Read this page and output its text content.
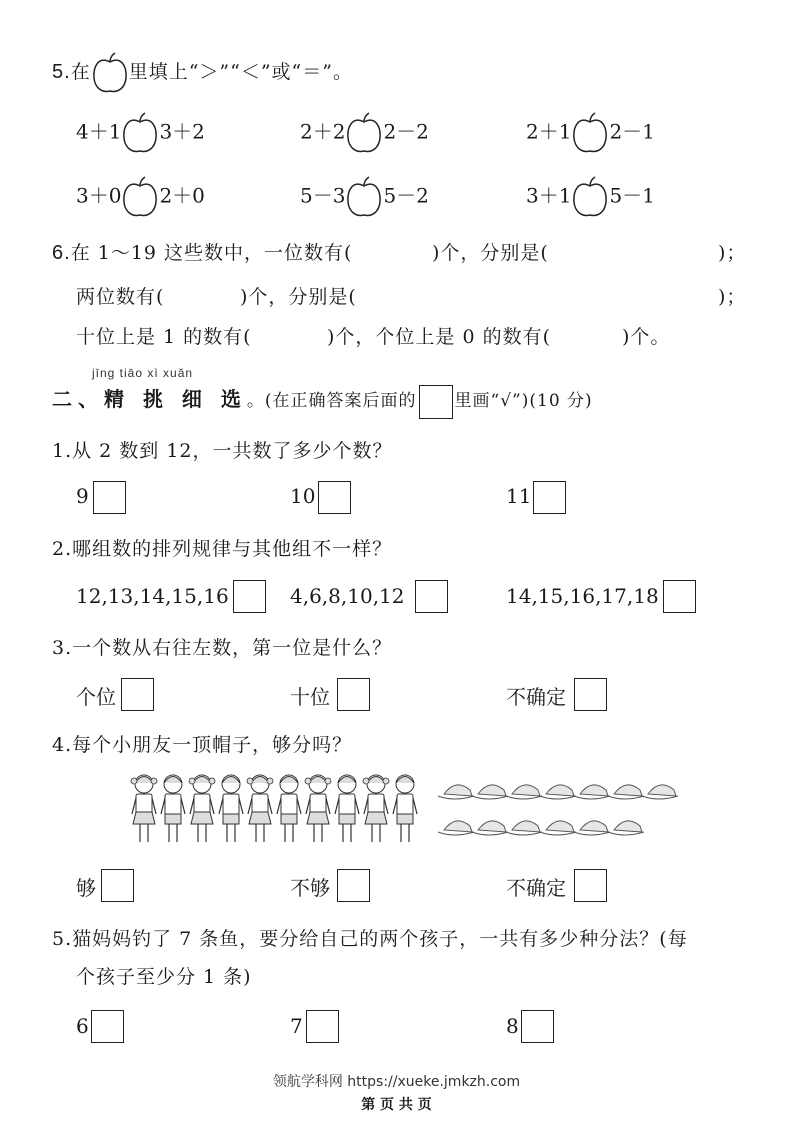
5.在 里填上“＞”“＜”或“＝”。
4＋1 3＋2	2＋2 2－2	2＋1 2－1
3＋0 2＋0	5－3 5－2	3＋1 5－1
6.在 1～19 这些数中，一位数有(	)个，分别是(	)；
两位数有(	)个，分别是(	)；
十位上是 1 的数有(	)个，个位上是 0 的数有(	)个。
jīng tiāo xì xuǎn
二、精 挑 细 选。(在正确答案后面的 里画“√”)(10 分)
1.从 2 数到 12，一共数了多少个数？
9	10	11
2.哪组数的排列规律与其他组不一样？
12,13,14,15,16	4,6,8,10,12	14,15,16,17,18
3.一个数从右往左数，第一位是什么？
个位	十位	不确定
4.每个小朋友一顶帽子，够分吗？
够	不够	不确定
5.猫妈妈钓了 7 条鱼，要分给自己的两个孩子，一共有多少种分法？(每
个孩子至少分 1 条)
6	7	8
领航学科网 https://xueke.jmkzh.com
第 页 共 页
